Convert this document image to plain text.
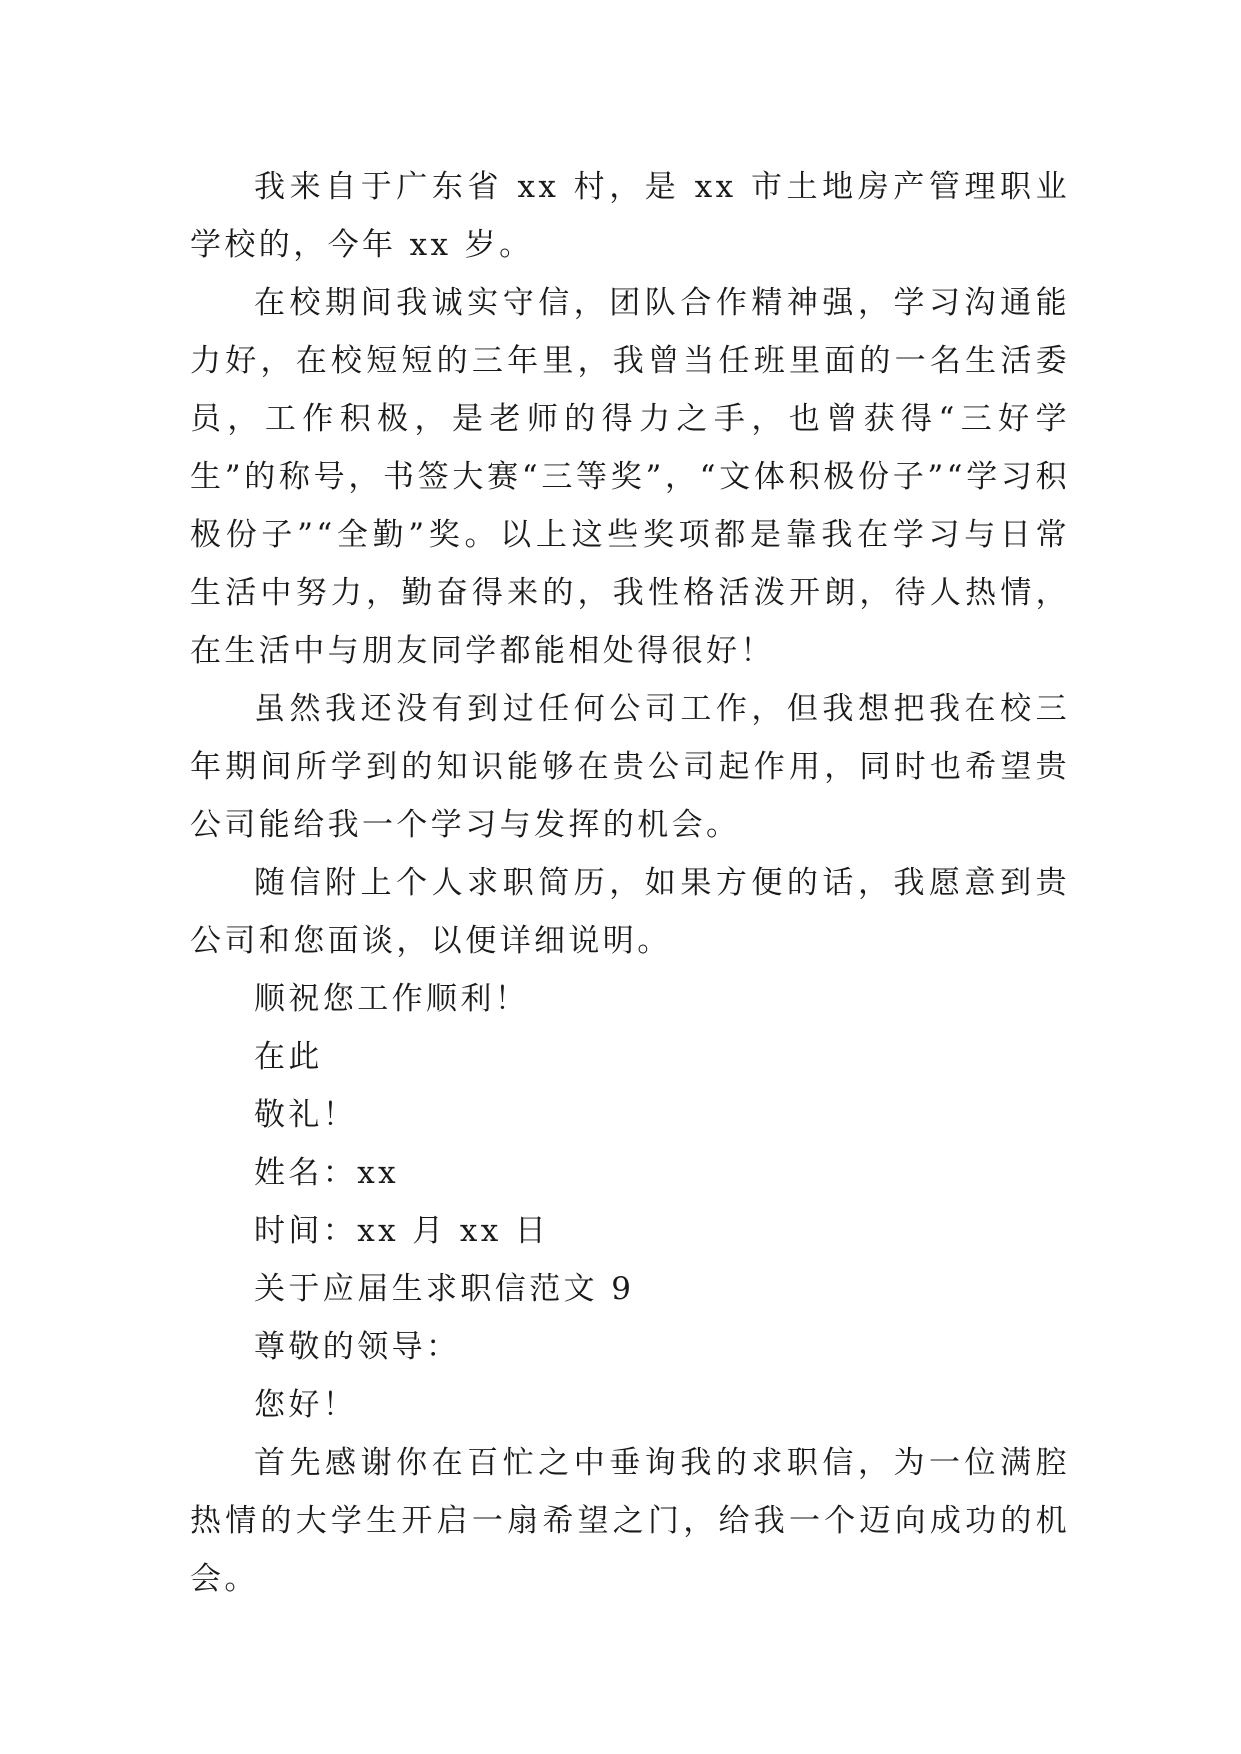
我来自于广东省 xx 村，是 xx 市土地房产管理职业学校的，今年 xx 岁。

在校期间我诚实守信，团队合作精神强，学习沟通能力好，在校短短的三年里，我曾当任班里面的一名生活委员，工作积极，是老师的得力之手，也曾获得“三好学生”的称号，书签大赛“三等奖”，“文体积极份子”“学习积极份子”“全勤”奖。以上这些奖项都是靠我在学习与日常生活中努力，勤奋得来的，我性格活泼开朗，待人热情，在生活中与朋友同学都能相处得很好！

虽然我还没有到过任何公司工作，但我想把我在校三年期间所学到的知识能够在贵公司起作用，同时也希望贵公司能给我一个学习与发挥的机会。

随信附上个人求职简历，如果方便的话，我愿意到贵公司和您面谈，以便详细说明。

顺祝您工作顺利！

在此

敬礼！

姓名：xx

时间：xx 月 xx 日

关于应届生求职信范文 9

尊敬的领导：

您好！

首先感谢你在百忙之中垂询我的求职信，为一位满腔热情的大学生开启一扇希望之门，给我一个迈向成功的机会。
